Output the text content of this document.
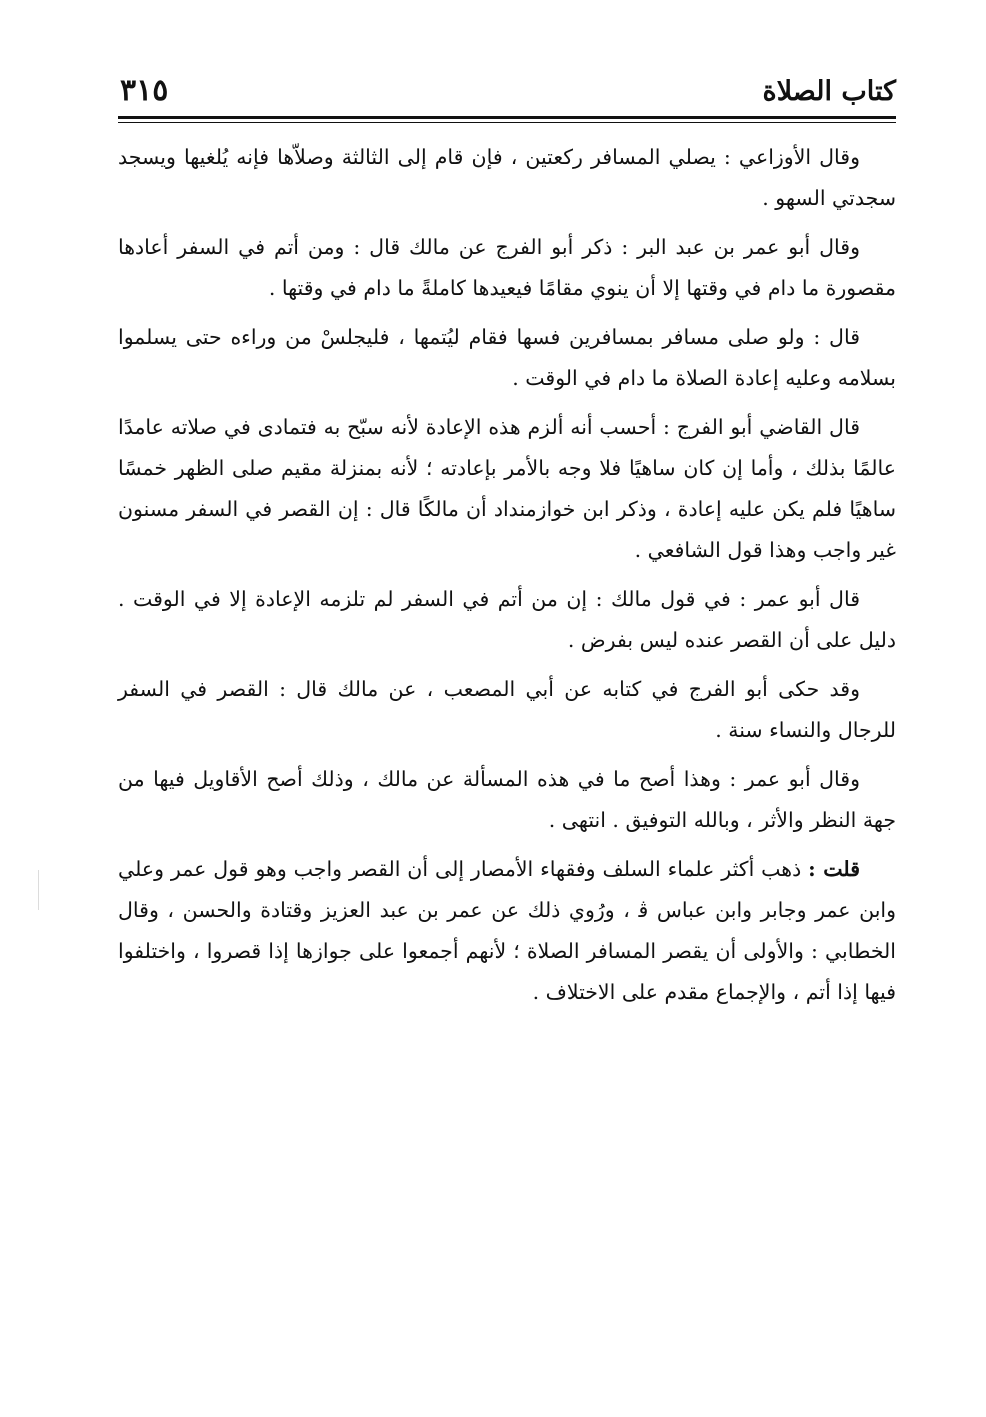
كتاب الصلاة
٣١٥

وقال الأوزاعي : يصلي المسافر ركعتين ، فإن قام إلى الثالثة وصلاّها فإنه يُلغيها ويسجد سجدتي السهو .

وقال أبو عمر بن عبد البر : ذكر أبو الفرج عن مالك قال : ومن أتم في السفر أعادها مقصورة ما دام في وقتها إلا أن ينوي مقامًا فيعيدها كاملةً ما دام في وقتها .

قال : ولو صلى مسافر بمسافرين فسها فقام ليُتمها ، فليجلسْ من وراءه حتى يسلموا بسلامه وعليه إعادة الصلاة ما دام في الوقت .

قال القاضي أبو الفرج : أحسب أنه ألزم هذه الإعادة لأنه سبّح به فتمادى في صلاته عامدًا عالمًا بذلك ، وأما إن كان ساهيًا فلا وجه بالأمر بإعادته ؛ لأنه بمنزلة مقيم صلى الظهر خمسًا ساهيًا فلم يكن عليه إعادة ، وذكر ابن خوازمنداد أن مالكًا قال : إن القصر في السفر مسنون غير واجب وهذا قول الشافعي .

قال أبو عمر : في قول مالك : إن من أتم في السفر لم تلزمه الإعادة إلا في الوقت . دليل على أن القصر عنده ليس بفرض .

وقد حكى أبو الفرج في كتابه عن أبي المصعب ، عن مالك قال : القصر في السفر للرجال والنساء سنة .

وقال أبو عمر : وهذا أصح ما في هذه المسألة عن مالك ، وذلك أصح الأقاويل فيها من جهة النظر والأثر ، وبالله التوفيق . انتهى .

قلت : ذهب أكثر علماء السلف وفقهاء الأمصار إلى أن القصر واجب وهو قول عمر وعلي وابن عمر وجابر وابن عباس ﭬ ، ورُوي ذلك عن عمر بن عبد العزيز وقتادة والحسن ، وقال الخطابي : والأولى أن يقصر المسافر الصلاة ؛ لأنهم أجمعوا على جوازها إذا قصروا ، واختلفوا فيها إذا أتم ، والإجماع مقدم على الاختلاف .
